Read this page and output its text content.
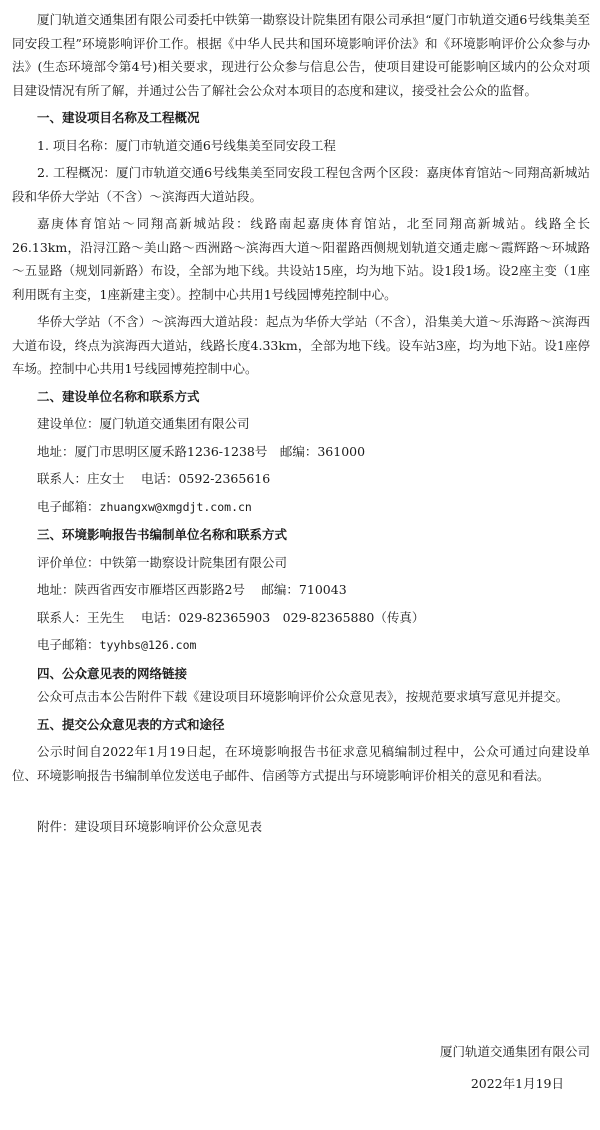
厦门轨道交通集团有限公司委托中铁第一勘察设计院集团有限公司承担“厦门市轨道交通6号线集美至同安段工程”环境影响评价工作。根据《中华人民共和国环境影响评价法》和《环境影响评价公众参与办法》(生态环境部令第4号)相关要求，现进行公众参与信息公告，使项目建设可能影响区域内的公众对项目建设情况有所了解，并通过公告了解社会公众对本项目的态度和建议，接受社会公众的监督。

一、建设项目名称及工程概况

1. 项目名称：厦门市轨道交通6号线集美至同安段工程

2. 工程概况：厦门市轨道交通6号线集美至同安段工程包含两个区段：嘉庚体育馆站～同翔高新城站段和华侨大学站（不含）～滨海西大道站段。

嘉庚体育馆站～同翔高新城站段：线路南起嘉庚体育馆站，北至同翔高新城站。线路全长26.13km，沿浔江路～美山路～西洲路～滨海西大道～阳翟路西侧规划轨道交通走廊～霞辉路～环城路～五显路（规划同新路）布设，全部为地下线。共设站15座，均为地下站。设1段1场。设2座主变（1座利用既有主变，1座新建主变）。控制中心共用1号线园博苑控制中心。

华侨大学站（不含）～滨海西大道站段：起点为华侨大学站（不含），沿集美大道～乐海路～滨海西大道布设，终点为滨海西大道站，线路长度4.33km，全部为地下线。设车站3座，均为地下站。设1座停车场。控制中心共用1号线园博苑控制中心。

二、建设单位名称和联系方式

建设单位：厦门轨道交通集团有限公司

地址：厦门市思明区厦禾路1236-1238号　邮编：361000

联系人：庄女士　 电话：0592-2365616

电子邮箱：zhuangxw@xmgdjt.com.cn

三、环境影响报告书编制单位名称和联系方式

评价单位：中铁第一勘察设计院集团有限公司

地址：陕西省西安市雁塔区西影路2号　 邮编：710043

联系人：王先生　 电话：029-82365903　029-82365880（传真）

电子邮箱：tyyhbs@126.com

四、公众意见表的网络链接

公众可点击本公告附件下载《建设项目环境影响评价公众意见表》，按规范要求填写意见并提交。

五、提交公众意见表的方式和途径

公示时间自2022年1月19日起，在环境影响报告书征求意见稿编制过程中，公众可通过向建设单位、环境影响报告书编制单位发送电子邮件、信函等方式提出与环境影响评价相关的意见和看法。

附件：建设项目环境影响评价公众意见表

厦门轨道交通集团有限公司

2022年1月19日
